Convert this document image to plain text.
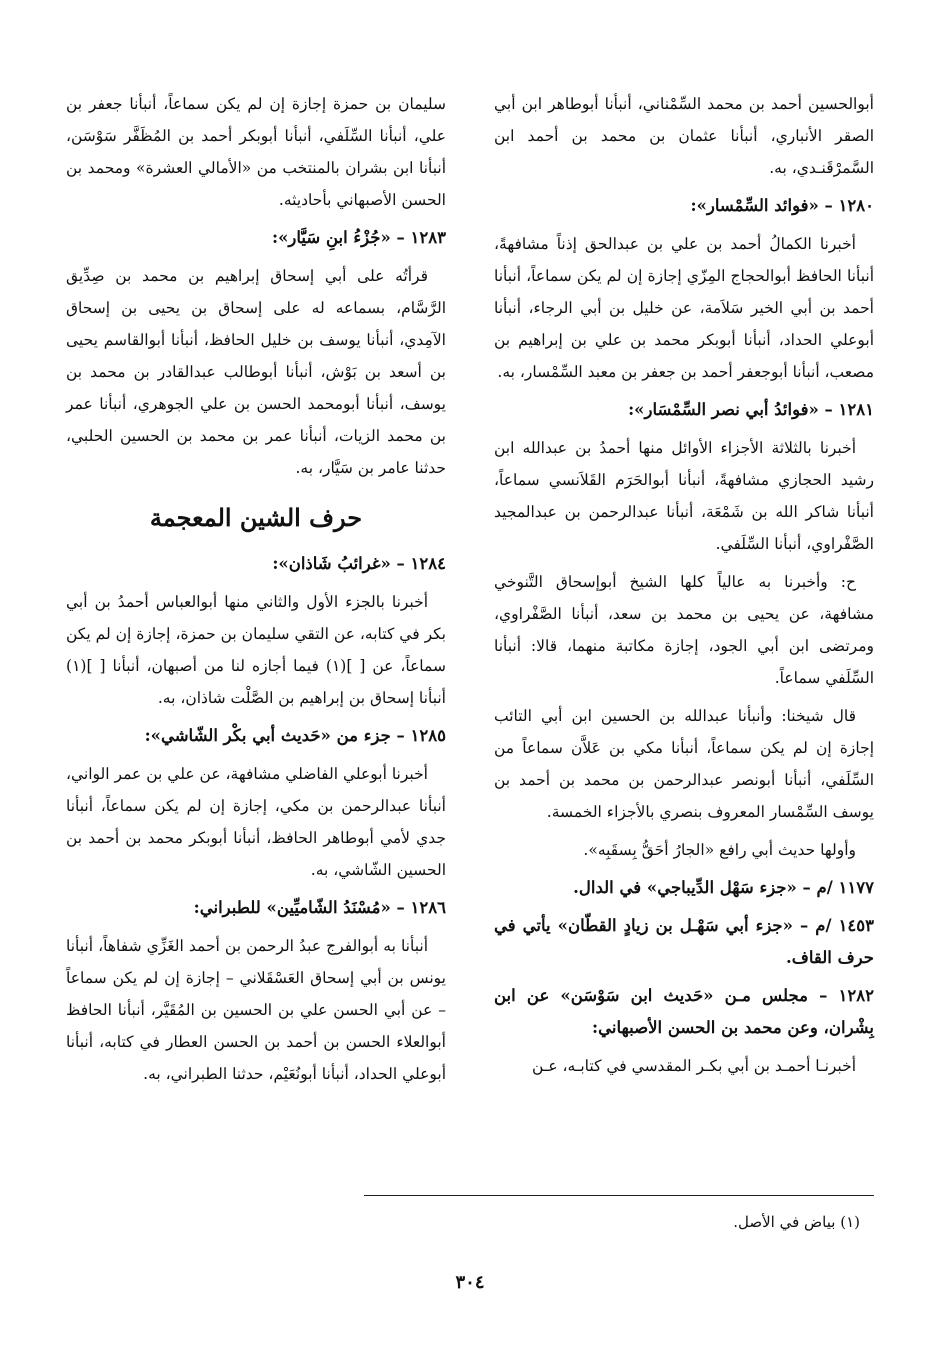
أبوالحسين أحمد بن محمد السِّمْناني، أنبأنا أبوطاهر ابن أبي الصقر الأنباري، أنبأنا عثمان بن محمد بن أحمد ابن السَّمرْقَنـدي، به.

١٢٨٠ – «فوائد السِّمْسار»:

أخبرنا الكمالُ أحمد بن علي بن عبدالحق إذناً مشافهةً، أنبأنا الحافظ أبوالحجاج المِزّي إجازة إن لم يكن سماعاً، أنبأنا أحمد بن أبي الخير سَلاَمة، عن خليل بن أبي الرجاء، أنبأنا أبوعلي الحداد، أنبأنا أبوبكر محمد بن علي بن إبراهيم بن مصعب، أنبأنا أبوجعفر أحمد بن جعفر بن معبد السِّمْسار، به.

١٢٨١ – «فوائدُ أبي نصر السِّمْسَار»:

أخبرنا بالثلاثة الأجزاء الأوائل منها أحمدُ بن عبدالله ابن رشيد الحجازي مشافهةً، أنبأنا أبوالحَرَم القَلاَنسي سماعاً، أنبأنا شاكر الله بن شَمْعَة، أنبأنا عبدالرحمن بن عبدالمجيد الصَّفْراوي، أنبأنا السِّلَفي.

ح: وأخبرنا به عالياً كلها الشيخ أبوإسحاق التَّنوخي مشافهة، عن يحيى بن محمد بن سعد، أنبأنا الصَّفْراوي، ومرتضى ابن أبي الجود، إجازة مكاتبة منهما، قالا: أنبأنا السِّلَفي سماعاً.

قال شيخنا: وأنبأنا عبدالله بن الحسين ابن أبي التائب إجازة إن لم يكن سماعاً، أنبأنا مكي بن عَلاَّن سماعاً من السِّلَفي، أنبأنا أبونصر عبدالرحمن بن محمد بن أحمد بن يوسف السِّمْسار المعروف بنصري بالأجزاء الخمسة.

وأولها حديث أبي رافع «الجارُ أحَقُّ بِسقَبِه».

١١٧٧ /م – «جزء سَهْل الدِّيباجي» في الدال.
١٤٥٣ /م – «جزء أبي سَهْـل بن زيادٍ القطّان» يأتي في حرف القاف.
١٢٨٢ – مجلس مـن «حَديث ابن سَوْسَن» عن ابن بِشْران، وعن محمد بن الحسن الأصبهاني:

أخبرنـا أحمـد بن أبي بكـر المقدسي في كتابـه، عـن

سليمان بن حمزة إجازة إن لم يكن سماعاً، أنبأنا جعفر بن علي، أنبأنا السِّلَفي، أنبأنا أبوبكر أحمد بن المُظَفَّر سَوْسَن، أنبأنا ابن بشران بالمنتخب من «الأمالي العشرة» ومحمد بن الحسن الأصبهاني بأحاديثه.

١٢٨٣ – «جُزْءُ ابنِ سَيَّار»:

قرأتُه على أبي إسحاق إبراهيم بن محمد بن صِدِّيق الرَّسَّام، بسماعه له على إسحاق بن يحيى بن إسحاق الآمِدي، أنبأنا يوسف بن خليل الحافظ، أنبأنا أبوالقاسم يحيى بن أسعد بن بَوْش، أنبأنا أبوطالب عبدالقادر بن محمد بن يوسف، أنبأنا أبومحمد الحسن بن علي الجوهري، أنبأنا عمر بن محمد الزيات، أنبأنا عمر بن محمد بن الحسين الحلبي، حدثنا عامر بن سَيَّار، به.

حرف الشين المعجمة
١٢٨٤ – «غرائبُ شَاذان»:

أخبرنا بالجزء الأول والثاني منها أبوالعباس أحمدُ بن أبي بكر في كتابه، عن التقي سليمان بن حمزة، إجازة إن لم يكن سماعاً، عن [ ](١) فيما أجازه لنا من أصبهان، أنبأنا [ ](١) أنبأنا إسحاق بن إبراهيم بن الصَّلْت شاذان، به.

١٢٨٥ – جزء من «حَديث أبي بكْر الشّاشي»:

أخبرنا أبوعلي الفاضلي مشافهة، عن علي بن عمر الواني، أنبأنا عبدالرحمن بن مكي، إجازة إن لم يكن سماعاً، أنبأنا جدي لأمي أبوطاهر الحافظ، أنبأنا أبوبكر محمد بن أحمد بن الحسين الشّاشي، به.

١٢٨٦ – «مُسْنَدُ الشّاميِّين» للطبراني:

أنبأنا به أبوالفرج عبدُ الرحمن بن أحمد الغَزِّي شفاهاً، أنبأنا يونس بن أبي إسحاق العَسْقَلاني – إجازة إن لم يكن سماعاً – عن أبي الحسن علي بن الحسين بن المُقَيَّر، أنبأنا الحافظ أبوالعلاء الحسن بن أحمد بن الحسن العطار في كتابه، أنبأنا أبوعلي الحداد، أنبأنا أبونُعَيْم، حدثنا الطبراني، به.

(١) بياض في الأصل.
٣٠٤
